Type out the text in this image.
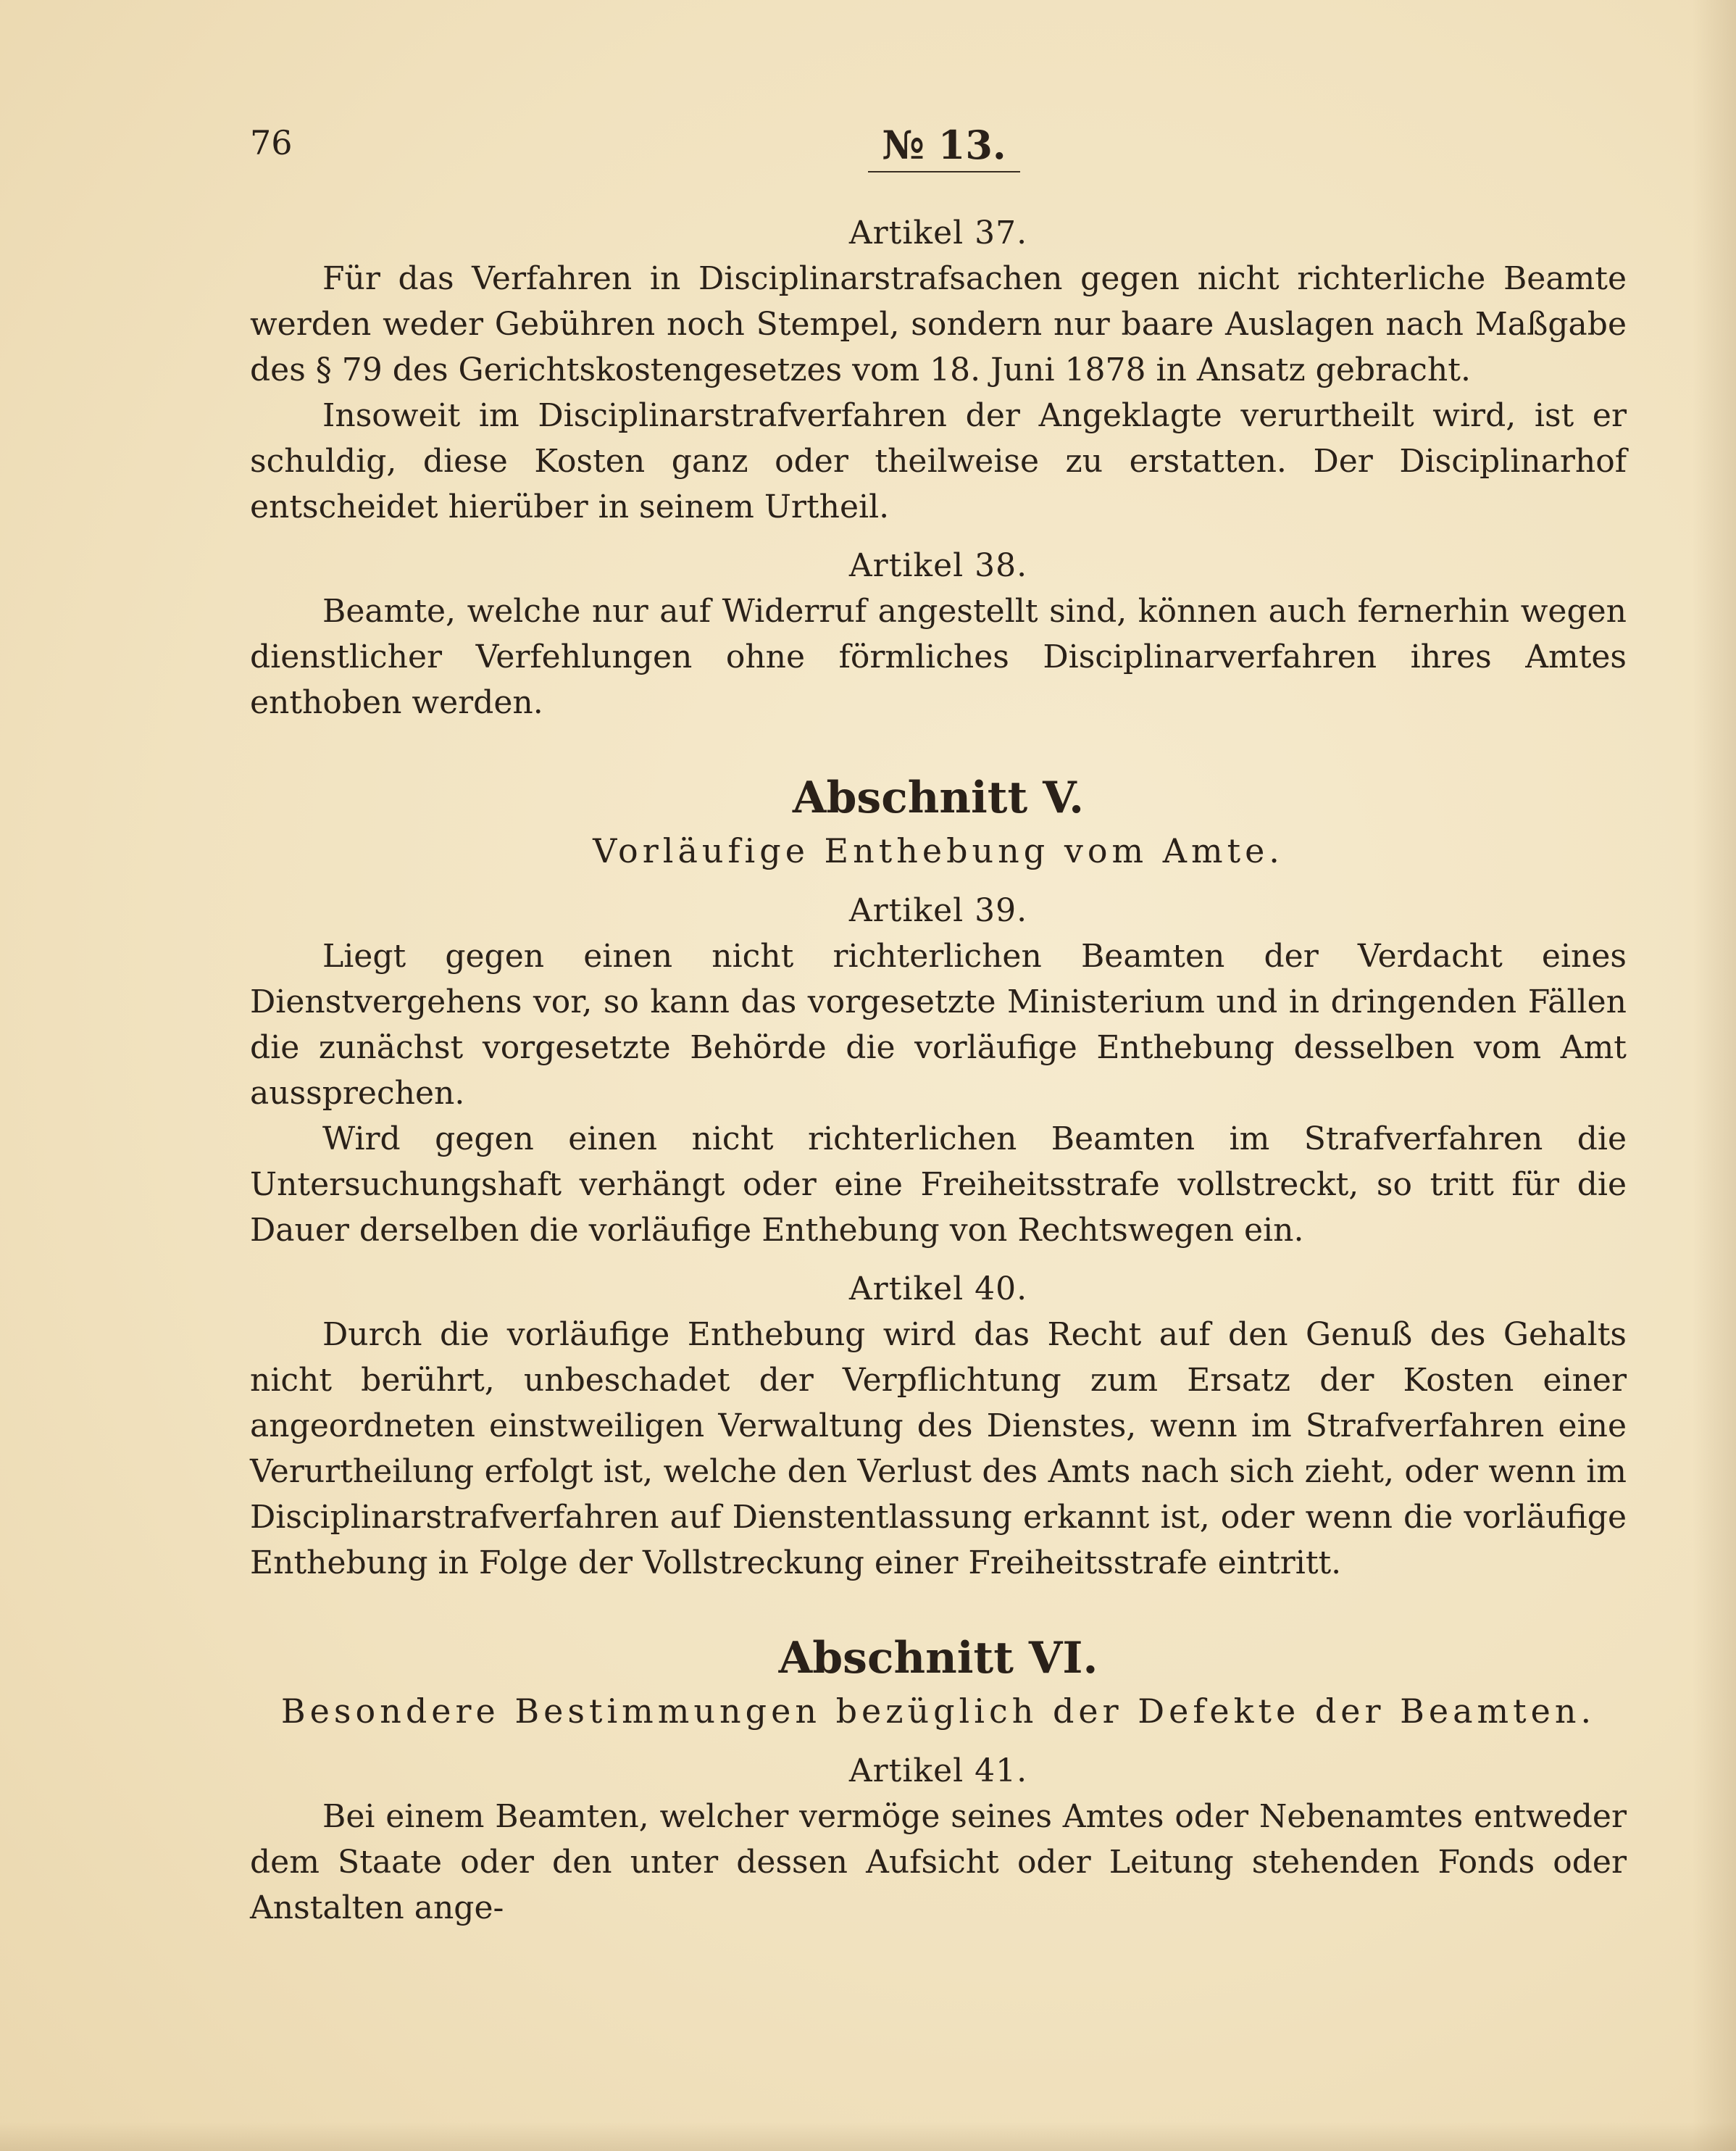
76	№ 13.
Artikel 37.

Für das Verfahren in Disciplinarstrafsachen gegen nicht richterliche Beamte werden weder Gebühren noch Stempel, sondern nur baare Auslagen nach Maßgabe des § 79 des Gerichtskostengesetzes vom 18. Juni 1878 in Ansatz gebracht.

Insoweit im Disciplinarstrafverfahren der Angeklagte verurtheilt wird, ist er schuldig, diese Kosten ganz oder theilweise zu erstatten. Der Disciplinarhof entscheidet hierüber in seinem Urtheil.

Artikel 38.

Beamte, welche nur auf Widerruf angestellt sind, können auch fernerhin wegen dienstlicher Verfehlungen ohne förmliches Disciplinarverfahren ihres Amtes enthoben werden.

Abschnitt V.
Vorläufige Enthebung vom Amte.
Artikel 39.

Liegt gegen einen nicht richterlichen Beamten der Verdacht eines Dienstvergehens vor, so kann das vorgesetzte Ministerium und in dringenden Fällen die zunächst vorgesetzte Behörde die vorläufige Enthebung desselben vom Amt aussprechen.

Wird gegen einen nicht richterlichen Beamten im Strafverfahren die Untersuchungshaft verhängt oder eine Freiheitsstrafe vollstreckt, so tritt für die Dauer derselben die vorläufige Enthebung von Rechtswegen ein.

Artikel 40.

Durch die vorläufige Enthebung wird das Recht auf den Genuß des Gehalts nicht berührt, unbeschadet der Verpflichtung zum Ersatz der Kosten einer angeordneten einstweiligen Verwaltung des Dienstes, wenn im Strafverfahren eine Verurtheilung erfolgt ist, welche den Verlust des Amts nach sich zieht, oder wenn im Disciplinarstrafverfahren auf Dienstentlassung erkannt ist, oder wenn die vorläufige Enthebung in Folge der Vollstreckung einer Freiheitsstrafe eintritt.

Abschnitt VI.
Besondere Bestimmungen bezüglich der Defekte der Beamten.
Artikel 41.

Bei einem Beamten, welcher vermöge seines Amtes oder Nebenamtes entweder dem Staate oder den unter dessen Aufsicht oder Leitung stehenden Fonds oder Anstalten ange-
